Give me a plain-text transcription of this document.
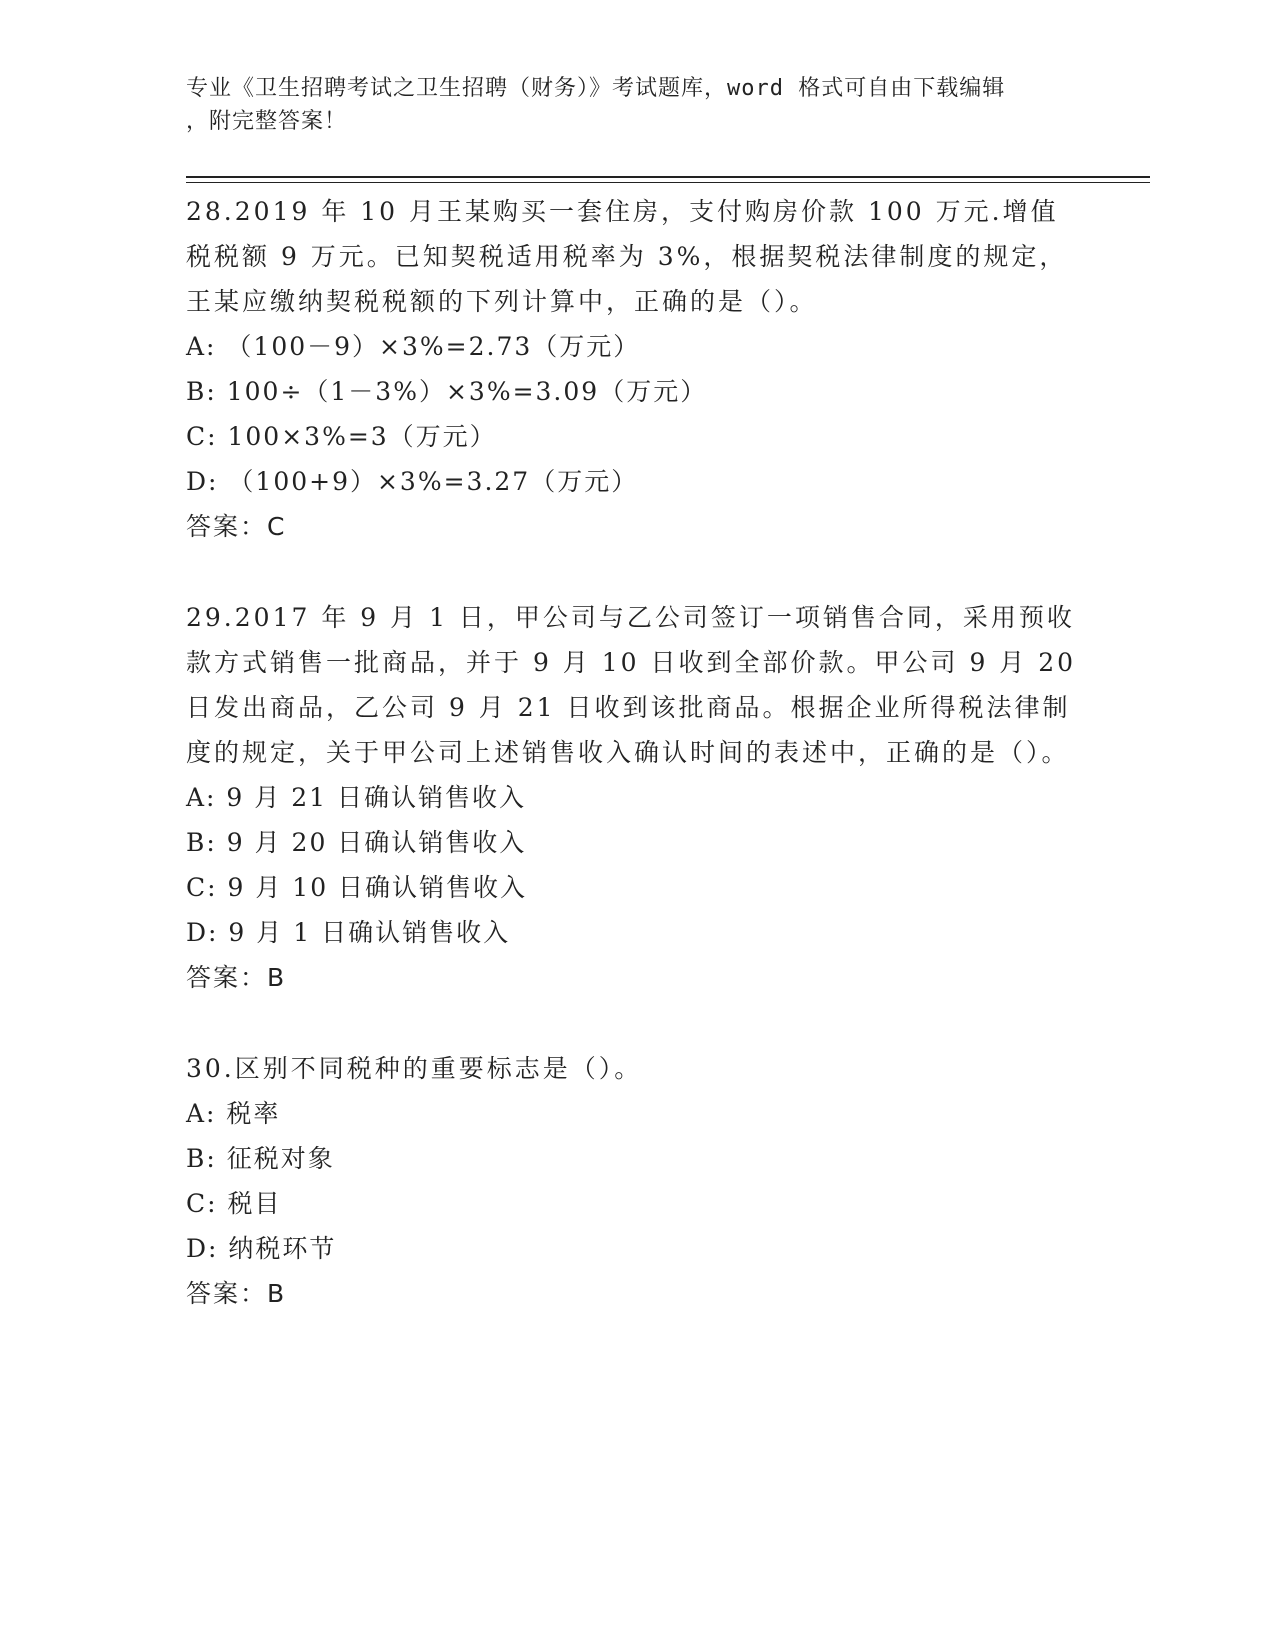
专业《卫生招聘考试之卫生招聘（财务）》考试题库，word 格式可自由下载编辑
，附完整答案！

28.2019 年 10 月王某购买一套住房，支付购房价款 100 万元.增值税税额 9 万元。已知契税适用税率为 3%，根据契税法律制度的规定，王某应缴纳契税税额的下列计算中，正确的是（）。

A: （100－9）×3%=2.73（万元）

B: 100÷（1－3%）×3%=3.09（万元）

C: 100×3%=3（万元）

D: （100+9）×3%=3.27（万元）

答案：C

29.2017 年 9 月 1 日，甲公司与乙公司签订一项销售合同，采用预收款方式销售一批商品，并于 9 月 10 日收到全部价款。甲公司 9 月 20 日发出商品，乙公司 9 月 21 日收到该批商品。根据企业所得税法律制度的规定，关于甲公司上述销售收入确认时间的表述中，正确的是（）。

A: 9 月 21 日确认销售收入

B: 9 月 20 日确认销售收入

C: 9 月 10 日确认销售收入

D: 9 月 1 日确认销售收入

答案：B

30.区别不同税种的重要标志是（）。

A: 税率

B: 征税对象

C: 税目

D: 纳税环节

答案：B
